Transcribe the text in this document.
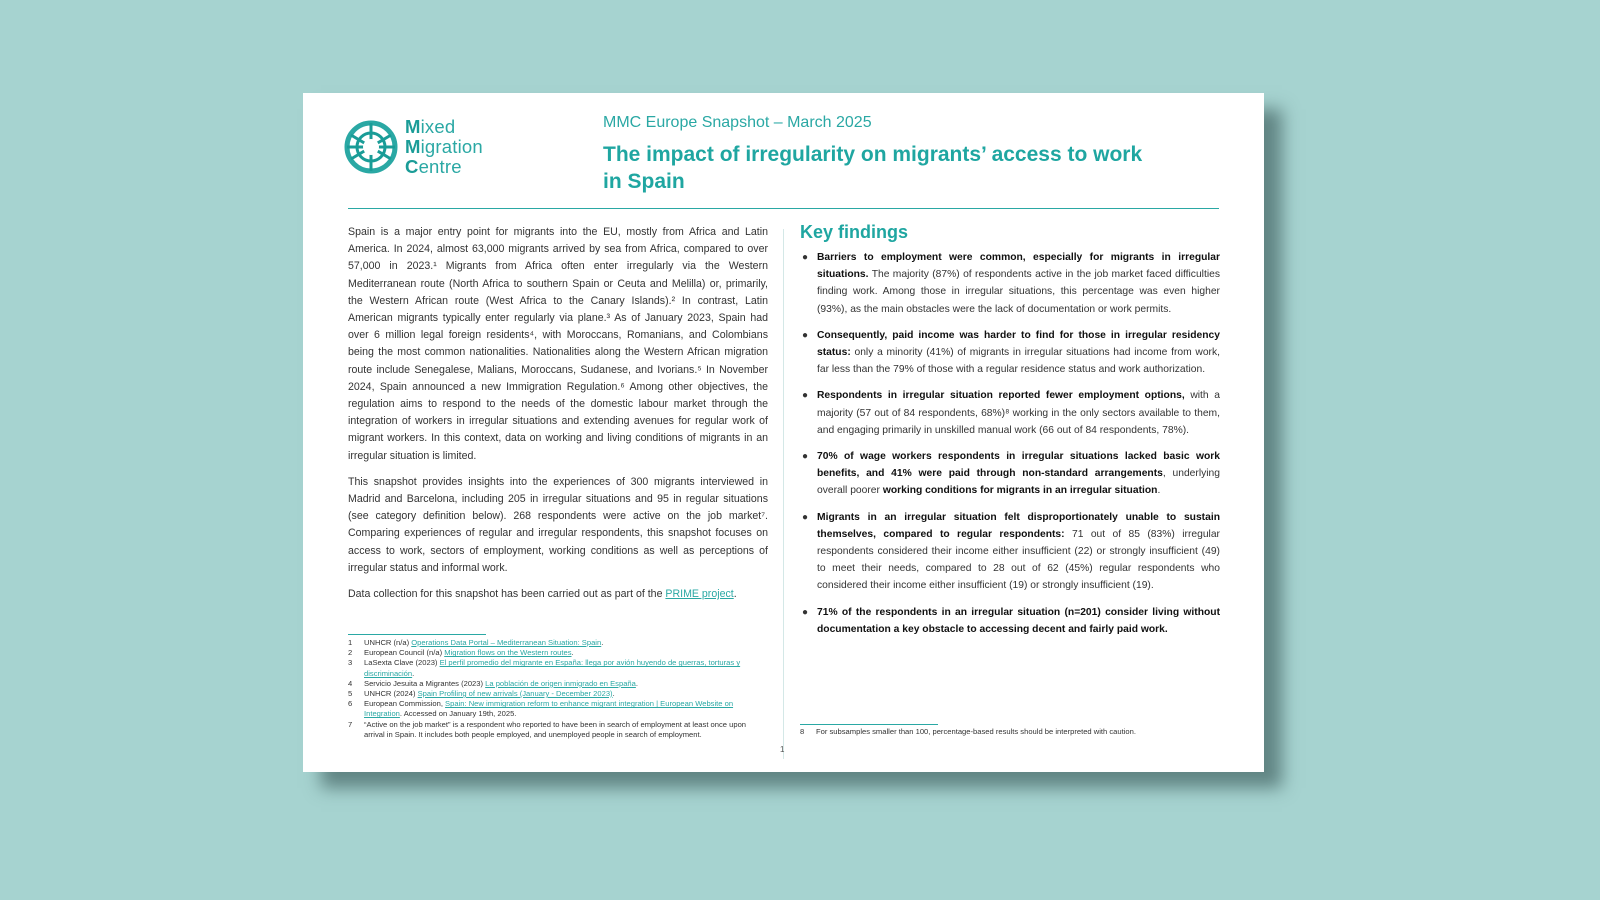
Mixed
Migration
Centre
MMC Europe Snapshot – March 2025
The impact of irregularity on migrants’ access to work in Spain

Spain is a major entry point for migrants into the EU, mostly from Africa and Latin America. In 2024, almost 63,000 migrants arrived by sea from Africa, compared to over 57,000 in 2023.¹ Migrants from Africa often enter irregularly via the Western Mediterranean route (North Africa to southern Spain or Ceuta and Melilla) or, primarily, the Western African route (West Africa to the Canary Islands).² In contrast, Latin American migrants typically enter regularly via plane.³ As of January 2023, Spain had over 6 million legal foreign residents⁴, with Moroccans, Romanians, and Colombians being the most common nationalities. Nationalities along the Western African migration route include Senegalese, Malians, Moroccans, Sudanese, and Ivorians.⁵ In November 2024, Spain announced a new Immigration Regulation.⁶ Among other objectives, the regulation aims to respond to the needs of the domestic labour market through the integration of workers in irregular situations and extending avenues for regular work of migrant workers. In this context, data on working and living conditions of migrants in an irregular situation is limited.

This snapshot provides insights into the experiences of 300 migrants interviewed in Madrid and Barcelona, including 205 in irregular situations and 95 in regular situations (see category definition below). 268 respondents were active on the job market⁷. Comparing experiences of regular and irregular respondents, this snapshot focuses on access to work, sectors of employment, working conditions as well as perceptions of irregular status and informal work.

Data collection for this snapshot has been carried out as part of the PRIME project.

1	UNHCR (n/a) Operations Data Portal – Mediterranean Situation: Spain.
2	European Council (n/a) Migration flows on the Western routes.
3	LaSexta Clave (2023) El perfil promedio del migrante en España: llega por avión huyendo de guerras, torturas y discriminación.
4	Servicio Jesuita a Migrantes (2023) La población de origen inmigrado en España.
5	UNHCR (2024) Spain Profiling of new arrivals (January - December 2023).
6	European Commission, Spain: New immigration reform to enhance migrant integration | European Website on Integration. Accessed on January 19th, 2025.
7	“Active on the job market” is a respondent who reported to have been in search of employment at least once upon arrival in Spain. It includes both people employed, and unemployed people in search of employment.
Key findings
● Barriers to employment were common, especially for migrants in irregular situations. The majority (87%) of respondents active in the job market faced difficulties finding work. Among those in irregular situations, this percentage was even higher (93%), as the main obstacles were the lack of documentation or work permits.
● Consequently, paid income was harder to find for those in irregular residency status: only a minority (41%) of migrants in irregular situations had income from work, far less than the 79% of those with a regular residence status and work authorization.
● Respondents in irregular situation reported fewer employment options, with a majority (57 out of 84 respondents, 68%)⁸ working in the only sectors available to them, and engaging primarily in unskilled manual work (66 out of 84 respondents, 78%).
● 70% of wage workers respondents in irregular situations lacked basic work benefits, and 41% were paid through non-standard arrangements, underlying overall poorer working conditions for migrants in an irregular situation.
● Migrants in an irregular situation felt disproportionately unable to sustain themselves, compared to regular respondents: 71 out of 85 (83%) irregular respondents considered their income either insufficient (22) or strongly insufficient (49) to meet their needs, compared to 28 out of 62 (45%) regular respondents who considered their income either insufficient (19) or strongly insufficient (19).
● 71% of the respondents in an irregular situation (n=201) consider living without documentation a key obstacle to accessing decent and fairly paid work.
8	For subsamples smaller than 100, percentage-based results should be interpreted with caution.
1
